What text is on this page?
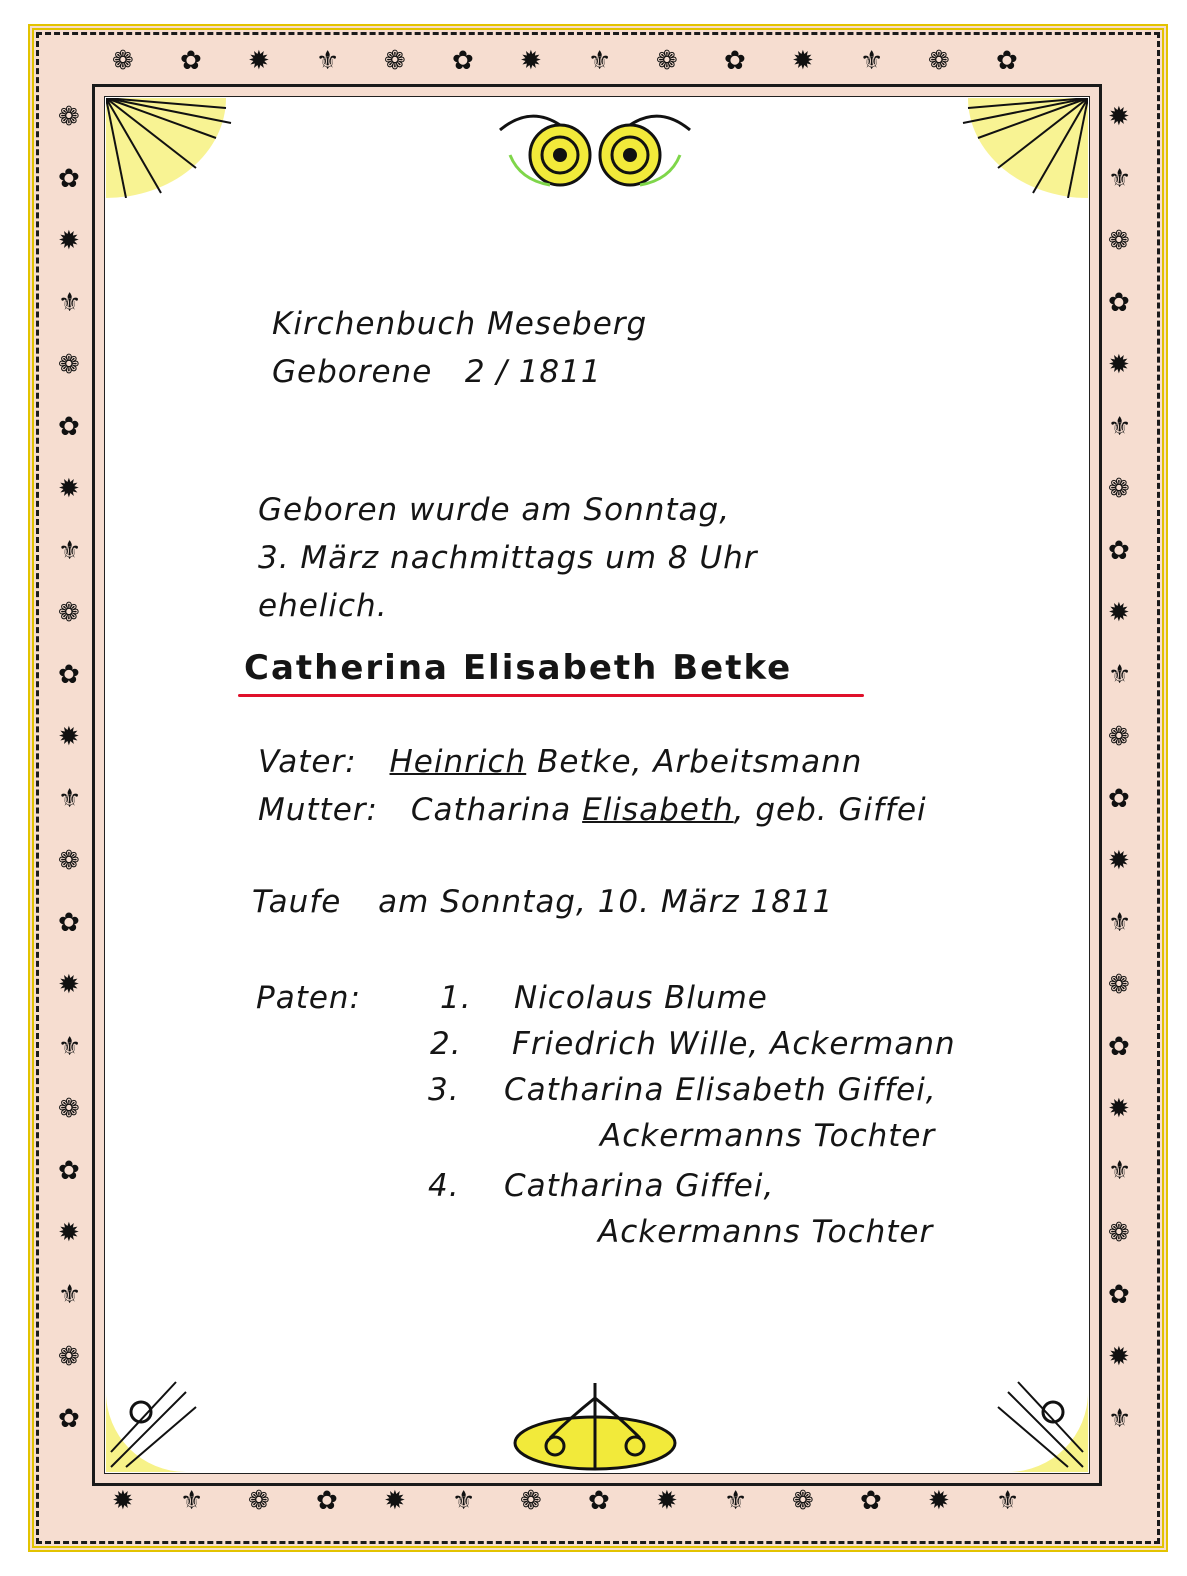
❁ ✿ ✹ ⚜ ❁ ✿ ✹ ⚜ ❁ ✿ ✹ ⚜ ❁ ✿
✹ ⚜ ❁ ✿ ✹ ⚜ ❁ ✿ ✹ ⚜ ❁ ✿ ✹ ⚜
❁
✿
✹
⚜
❁
✿
✹
⚜
❁
✿
✹
⚜
❁
✿
✹
⚜
❁
✿
✹
⚜
❁
✿
✹
⚜
❁
✿
✹
⚜
❁
✿
✹
⚜
❁
✿
✹
⚜
❁
✿
✹
⚜
❁
✿
✹
⚜
Kirchenbuch Meseberg
Geborene   2 / 1811
Geboren wurde am Sonntag,
3. März nachmittags um 8 Uhr
ehelich.
Catherina Elisabeth Betke
Vater: Heinrich Betke, Arbeitsmann
Mutter: Catharina Elisabeth, geb. Giffei
Taufe am Sonntag, 10. März 1811
Paten:	1. Nicolaus Blume
2. Friedrich Wille, Ackermann
3. Catharina Elisabeth Giffei,
Ackermanns Tochter
4. Catharina Giffei,
Ackermanns Tochter
